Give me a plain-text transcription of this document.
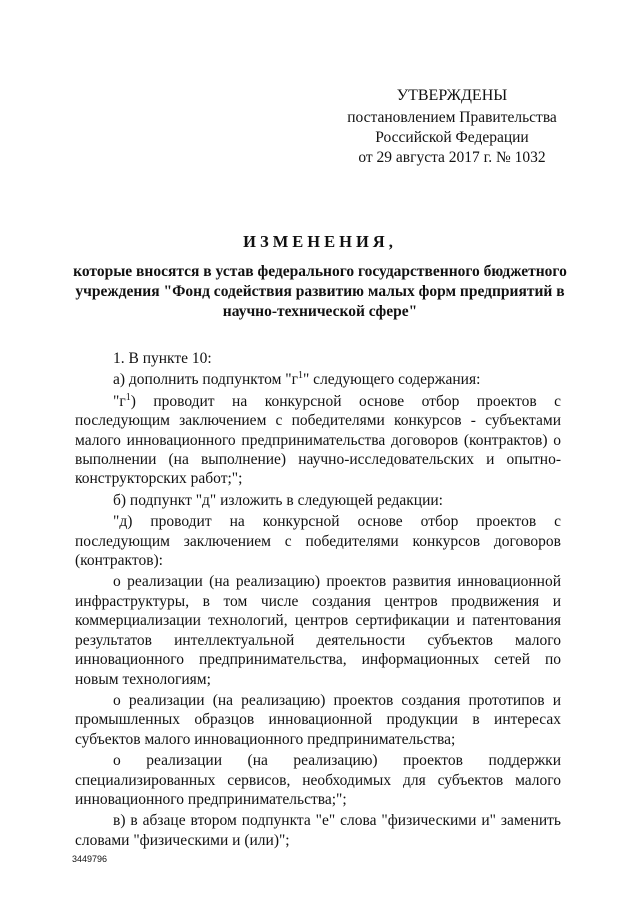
УТВЕРЖДЕНЫ
постановлением Правительства
Российской Федерации
от 29 августа 2017 г. № 1032
ИЗМЕНЕНИЯ,
которые вносятся в устав федерального государственного бюджетного учреждения "Фонд содействия развитию малых форм предприятий в научно-технической сфере"

1. В пункте 10:

а) дополнить подпунктом "$г^1$" следующего содержания:

"$г^1$) проводит на конкурсной основе отбор проектов с последующим заключением с победителями конкурсов - субъектами малого инновационного предпринимательства договоров (контрактов) о выполнении (на выполнение) научно-исследовательских и опытно-конструкторских работ;";

б) подпункт "д" изложить в следующей редакции:

"д) проводит на конкурсной основе отбор проектов с последующим заключением с победителями конкурсов договоров (контрактов):

о реализации (на реализацию) проектов развития инновационной инфраструктуры, в том числе создания центров продвижения и коммерциализации технологий, центров сертификации и патентования результатов интеллектуальной деятельности субъектов малого инновационного предпринимательства, информационных сетей по новым технологиям;

о реализации (на реализацию) проектов создания прототипов и промышленных образцов инновационной продукции в интересах субъектов малого инновационного предпринимательства;

о реализации (на реализацию) проектов поддержки специализированных сервисов, необходимых для субъектов малого инновационного предпринимательства;";

в) в абзаце втором подпункта "е" слова "физическими и" заменить словами "физическими и (или)";

3449796
